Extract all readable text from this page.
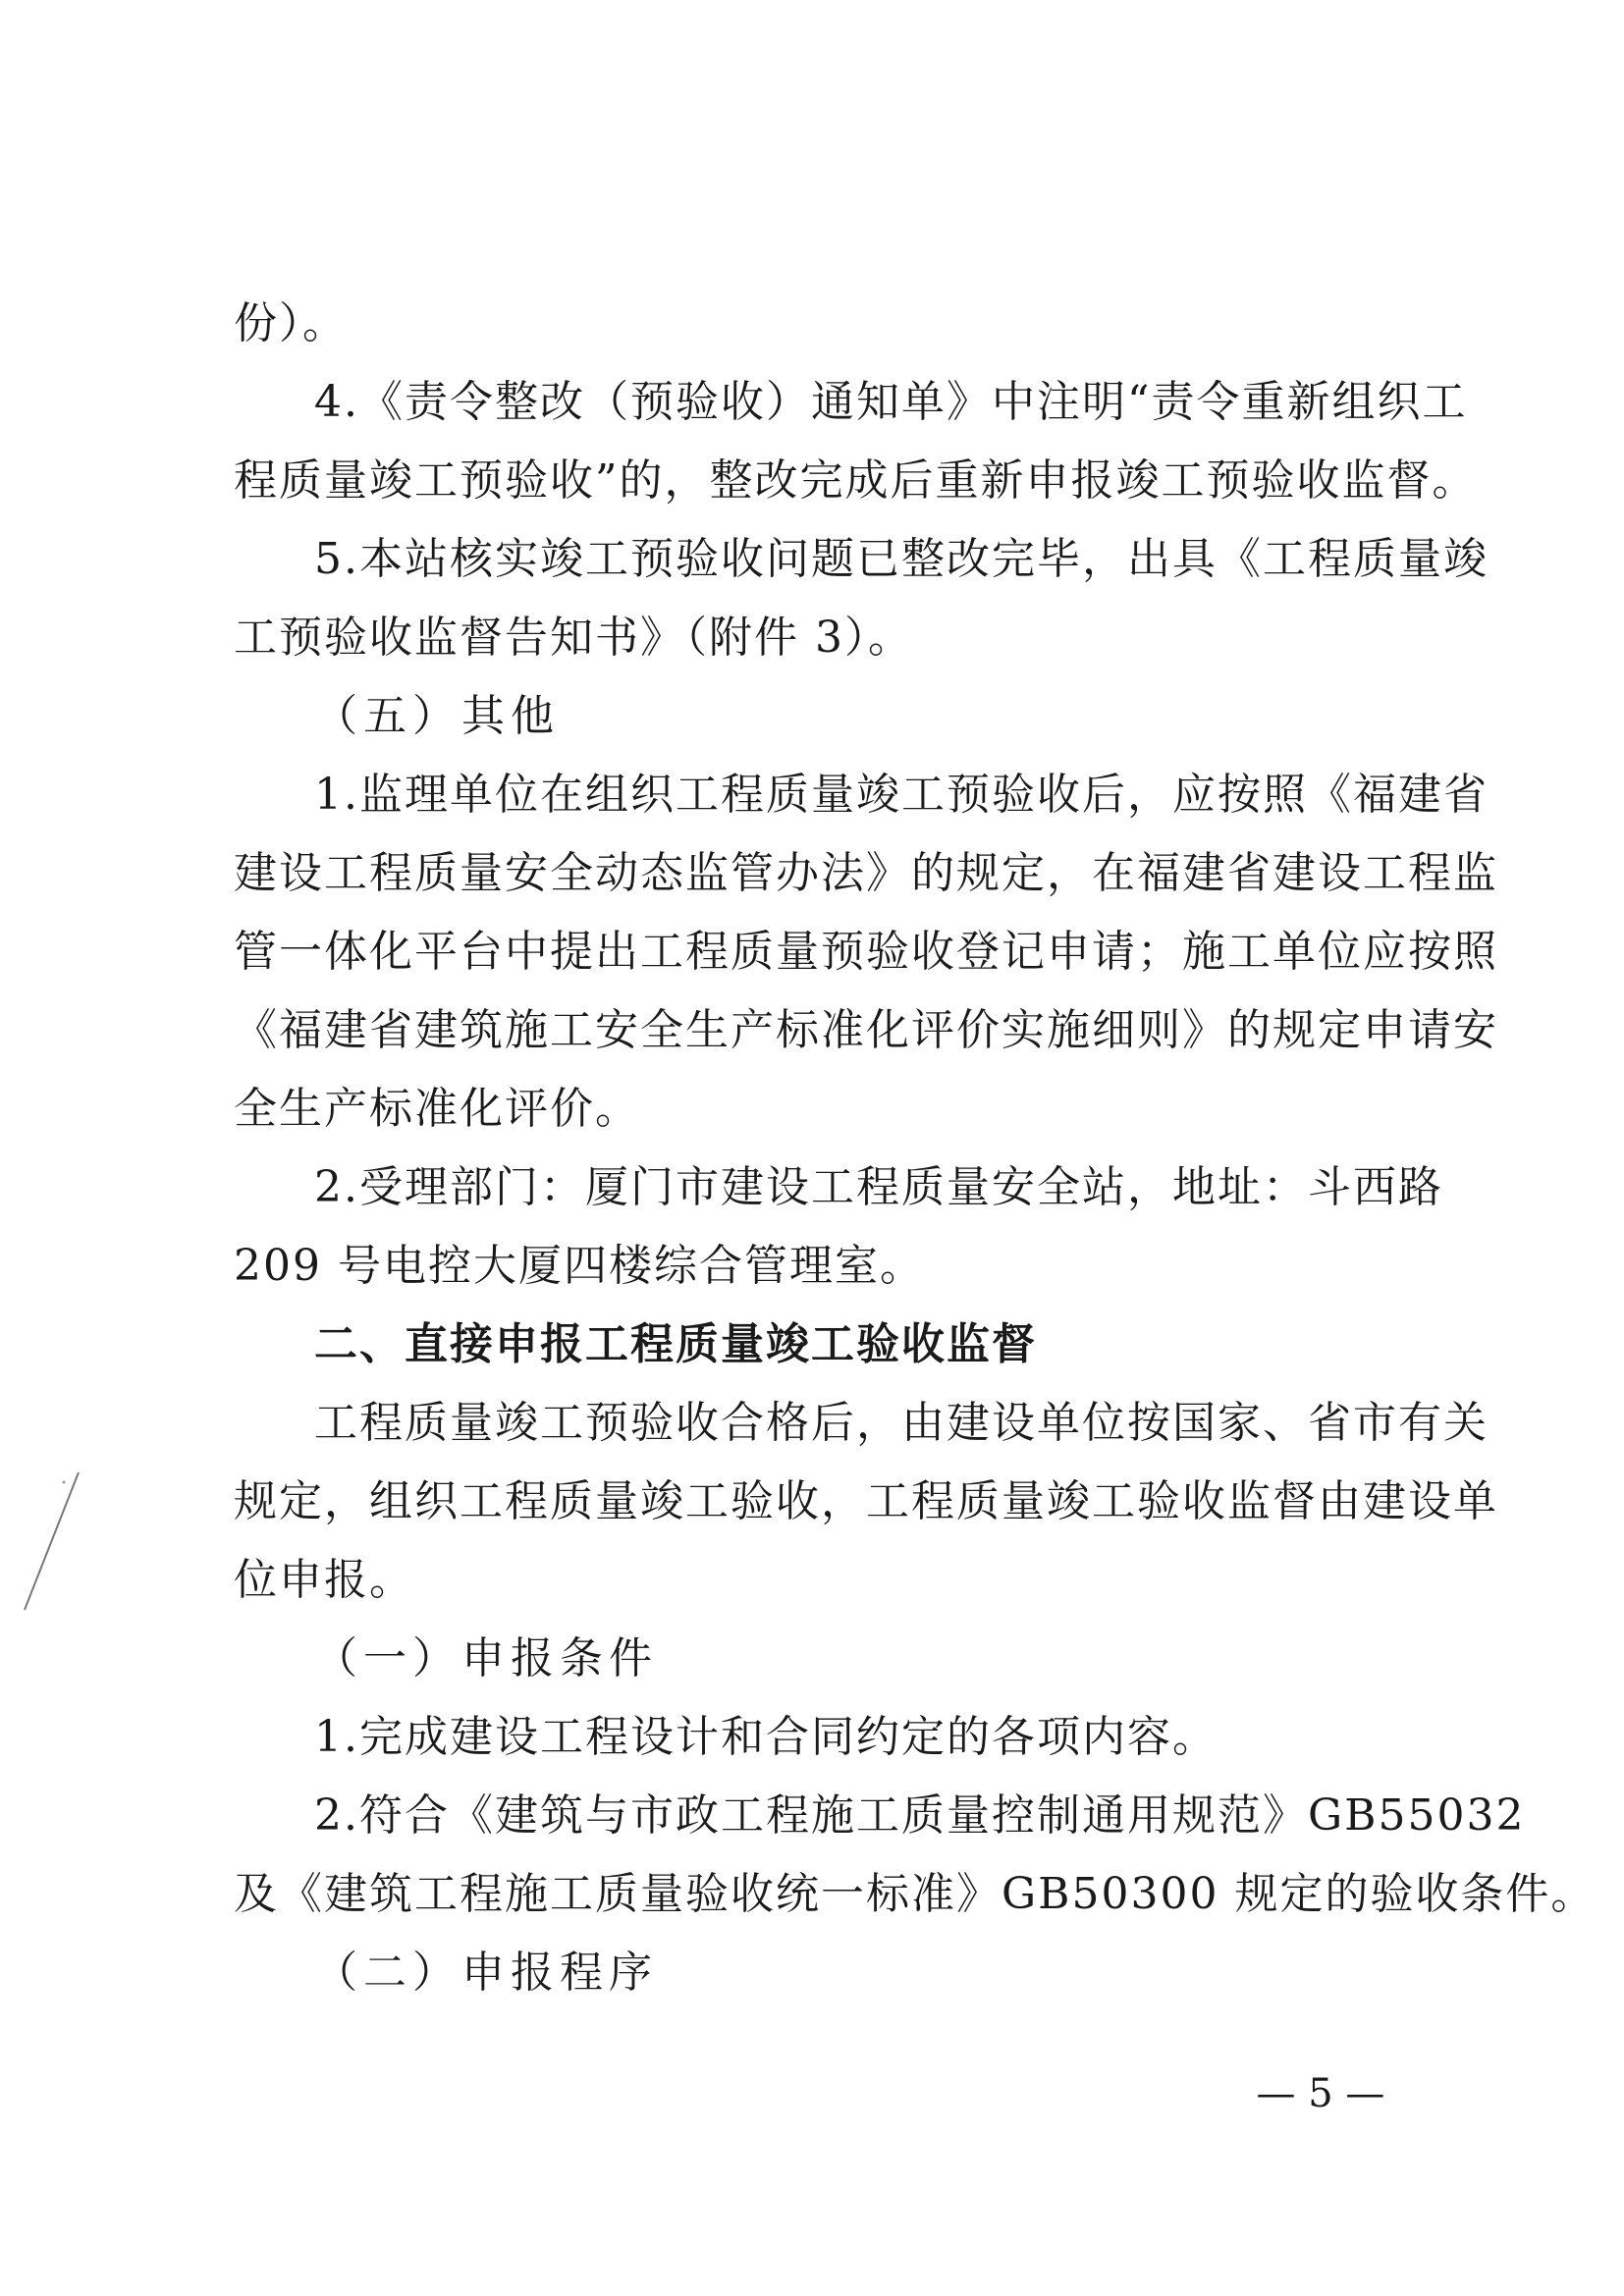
份）。
4.《责令整改（预验收）通知单》中注明“责令重新组织工
程质量竣工预验收”的，整改完成后重新申报竣工预验收监督。
5.本站核实竣工预验收问题已整改完毕，出具《工程质量竣
工预验收监督告知书》（附件 3）。
（五）其他
1.监理单位在组织工程质量竣工预验收后，应按照《福建省
建设工程质量安全动态监管办法》的规定，在福建省建设工程监
管一体化平台中提出工程质量预验收登记申请；施工单位应按照
《福建省建筑施工安全生产标准化评价实施细则》的规定申请安
全生产标准化评价。
2.受理部门：厦门市建设工程质量安全站，地址：斗西路
209 号电控大厦四楼综合管理室。
二、直接申报工程质量竣工验收监督
工程质量竣工预验收合格后，由建设单位按国家、省市有关
规定，组织工程质量竣工验收，工程质量竣工验收监督由建设单
位申报。
（一）申报条件
1.完成建设工程设计和合同约定的各项内容。
2.符合《建筑与市政工程施工质量控制通用规范》GB55032
及《建筑工程施工质量验收统一标准》GB50300 规定的验收条件。
（二）申报程序
— 5 —
